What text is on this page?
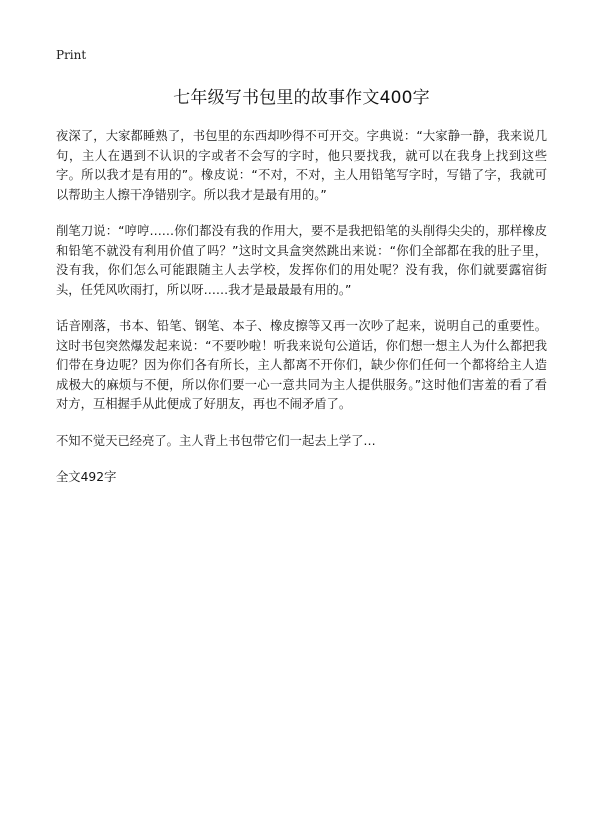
Print
七年级写书包里的故事作文400字

夜深了，大家都睡熟了，书包里的东西却吵得不可开交。字典说：“大家静一静，我来说几句，主人在遇到不认识的字或者不会写的字时，他只要找我，就可以在我身上找到这些字。所以我才是有用的”。橡皮说：“不对，不对，主人用铅笔写字时，写错了字，我就可以帮助主人擦干净错别字。所以我才是最有用的。”

削笔刀说：“哼哼……你们都没有我的作用大，要不是我把铅笔的头削得尖尖的，那样橡皮和铅笔不就没有利用价值了吗？”这时文具盒突然跳出来说：“你们全部都在我的肚子里，没有我，你们怎么可能跟随主人去学校，发挥你们的用处呢？没有我，你们就要露宿街头，任凭风吹雨打，所以呀……我才是最最最有用的。”

话音刚落，书本、铅笔、钢笔、本子、橡皮擦等又再一次吵了起来，说明自己的重要性。这时书包突然爆发起来说：“不要吵啦！听我来说句公道话，你们想一想主人为什么都把我们带在身边呢？因为你们各有所长，主人都离不开你们，缺少你们任何一个都将给主人造成极大的麻烦与不便，所以你们要一心一意共同为主人提供服务。”这时他们害羞的看了看对方，互相握手从此便成了好朋友，再也不闹矛盾了。

不知不觉天已经亮了。主人背上书包带它们一起去上学了…

全文492字
